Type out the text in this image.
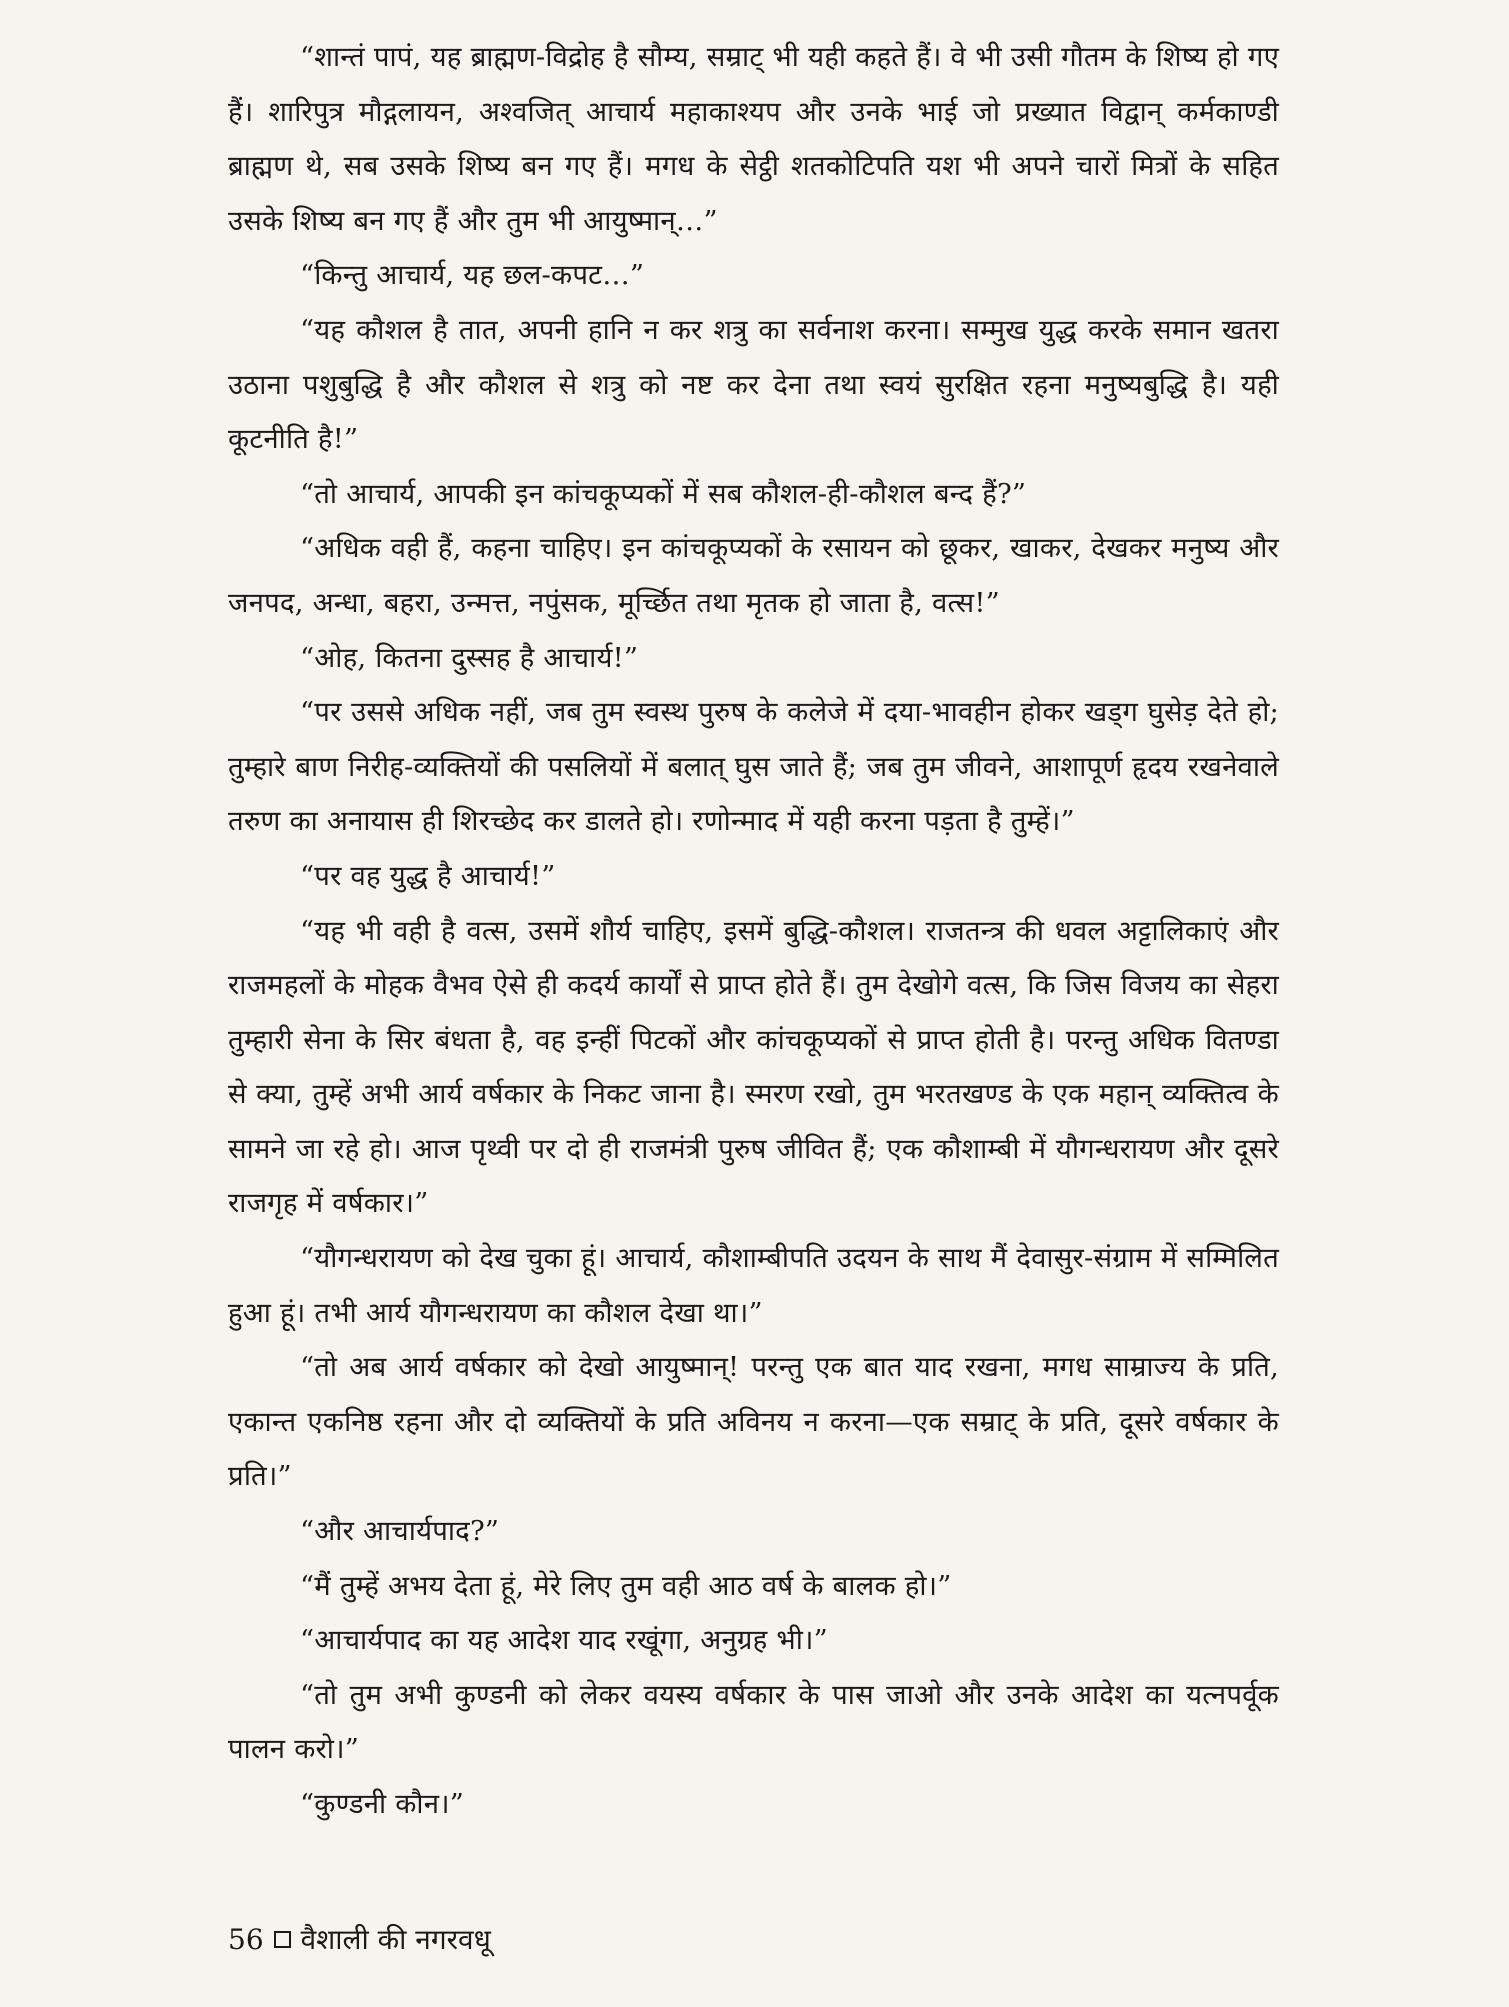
“शान्तं पापं, यह ब्राह्मण-विद्रोह है सौम्य, सम्राट् भी यही कहते हैं। वे भी उसी गौतम के शिष्य हो गए हैं। शारिपुत्र मौद्गलायन, अश्वजित् आचार्य महाकाश्यप और उनके भाई जो प्रख्यात विद्वान् कर्मकाण्डी ब्राह्मण थे, सब उसके शिष्य बन गए हैं। मगध के सेट्ठी शतकोटिपति यश भी अपने चारों मित्रों के सहित उसके शिष्य बन गए हैं और तुम भी आयुष्मान्…”

“किन्तु आचार्य, यह छल-कपट…”

“यह कौशल है तात, अपनी हानि न कर शत्रु का सर्वनाश करना। सम्मुख युद्ध करके समान खतरा उठाना पशुबुद्धि है और कौशल से शत्रु को नष्ट कर देना तथा स्वयं सुरक्षित रहना मनुष्यबुद्धि है। यही कूटनीति है!”

“तो आचार्य, आपकी इन कांचकूप्यकों में सब कौशल-ही-कौशल बन्द हैं?”

“अधिक वही हैं, कहना चाहिए। इन कांचकूप्यकों के रसायन को छूकर, खाकर, देखकर मनुष्य और जनपद, अन्धा, बहरा, उन्मत्त, नपुंसक, मूर्च्छित तथा मृतक हो जाता है, वत्स!”

“ओह, कितना दुस्सह है आचार्य!”

“पर उससे अधिक नहीं, जब तुम स्वस्थ पुरुष के कलेजे में दया-भावहीन होकर खड्ग घुसेड़ देते हो; तुम्हारे बाण निरीह-व्यक्तियों की पसलियों में बलात् घुस जाते हैं; जब तुम जीवने, आशापूर्ण हृदय रखनेवाले तरुण का अनायास ही शिरच्छेद कर डालते हो। रणोन्माद में यही करना पड़ता है तुम्हें।”

“पर वह युद्ध है आचार्य!”

“यह भी वही है वत्स, उसमें शौर्य चाहिए, इसमें बुद्धि-कौशल। राजतन्त्र की धवल अट्टालिकाएं और राजमहलों के मोहक वैभव ऐसे ही कदर्य कार्यों से प्राप्त होते हैं। तुम देखोगे वत्स, कि जिस विजय का सेहरा तुम्हारी सेना के सिर बंधता है, वह इन्हीं पिटकों और कांचकूप्यकों से प्राप्त होती है। परन्तु अधिक वितण्डा से क्या, तुम्हें अभी आर्य वर्षकार के निकट जाना है। स्मरण रखो, तुम भरतखण्ड के एक महान् व्यक्तित्व के सामने जा रहे हो। आज पृथ्वी पर दो ही राजमंत्री पुरुष जीवित हैं; एक कौशाम्बी में यौगन्धरायण और दूसरे राजगृह में वर्षकार।”

“यौगन्धरायण को देख चुका हूं। आचार्य, कौशाम्बीपति उदयन के साथ मैं देवासुर-संग्राम में सम्मिलित हुआ हूं। तभी आर्य यौगन्धरायण का कौशल देखा था।”

“तो अब आर्य वर्षकार को देखो आयुष्मान्! परन्तु एक बात याद रखना, मगध साम्राज्य के प्रति, एकान्त एकनिष्ठ रहना और दो व्यक्तियों के प्रति अविनय न करना—एक सम्राट् के प्रति, दूसरे वर्षकार के प्रति।”

“और आचार्यपाद?”

“मैं तुम्हें अभय देता हूं, मेरे लिए तुम वही आठ वर्ष के बालक हो।”

“आचार्यपाद का यह आदेश याद रखूंगा, अनुग्रह भी।”

“तो तुम अभी कुण्डनी को लेकर वयस्य वर्षकार के पास जाओ और उनके आदेश का यत्नपर्वूक पालन करो।”

“कुण्डनी कौन।”

56 वैशाली की नगरवधू
